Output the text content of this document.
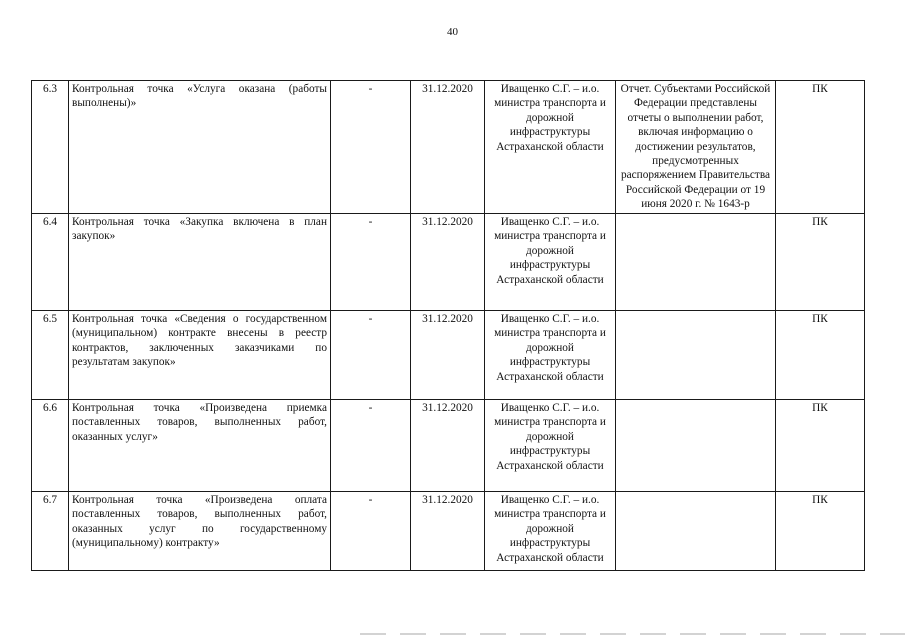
40
6.3	Контрольная точка «Услуга оказана (работы выполнены)»	-	31.12.2020	Иващенко С.Г. – и.о. министра транспорта и дорожной инфраструктуры Астраханской области	Отчет. Субъектами Российской Федерации представлены отчеты о выполнении работ, включая информацию о достижении результатов, предусмотренных распоряжением Правительства Российской Федерации от 19 июня 2020 г. № 1643-р	ПК
6.4	Контрольная точка «Закупка включена в план закупок»	-	31.12.2020	Иващенко С.Г. – и.о. министра транспорта и дорожной инфраструктуры Астраханской области		ПК
6.5	Контрольная точка «Сведения о государственном (муниципальном) контракте внесены в реестр контрактов, заключенных заказчиками по результатам закупок»	-	31.12.2020	Иващенко С.Г. – и.о. министра транспорта и дорожной инфраструктуры Астраханской области		ПК
6.6	Контрольная точка «Произведена приемка поставленных товаров, выполненных работ, оказанных услуг»	-	31.12.2020	Иващенко С.Г. – и.о. министра транспорта и дорожной инфраструктуры Астраханской области		ПК
6.7	Контрольная точка «Произведена оплата поставленных товаров, выполненных работ, оказанных услуг по государственному (муниципальному) контракту»	-	31.12.2020	Иващенко С.Г. – и.о. министра транспорта и дорожной инфраструктуры Астраханской области		ПК
